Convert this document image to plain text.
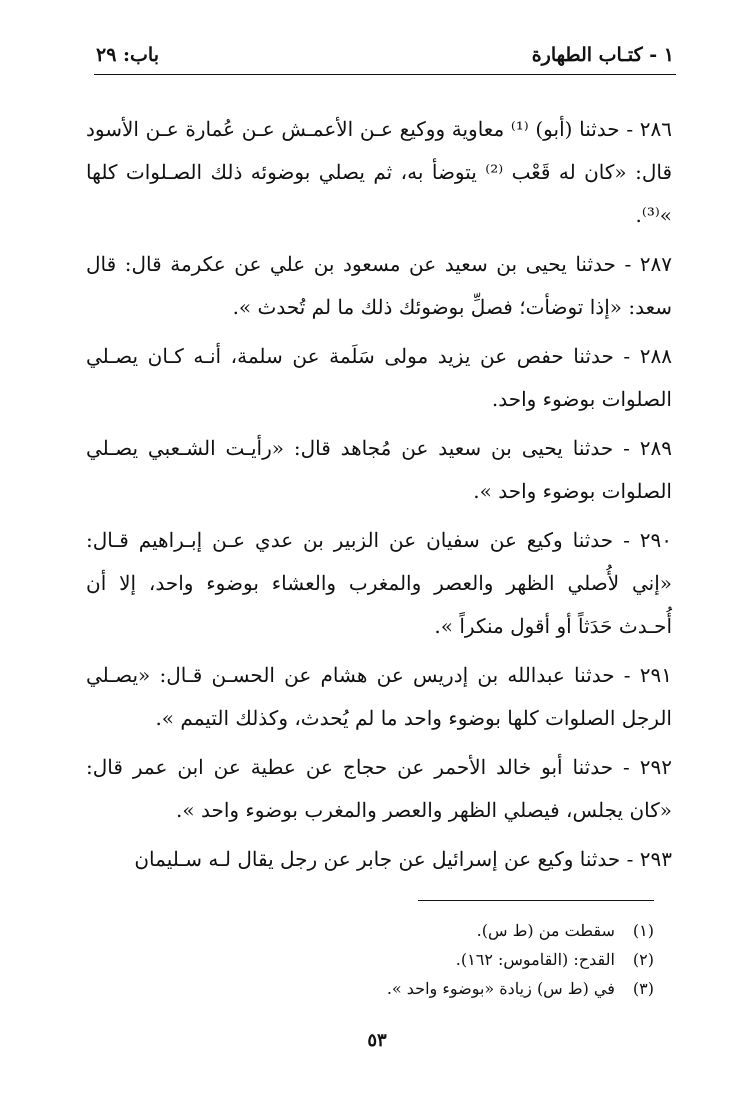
١ - كتـاب الطهارة
باب: ٢٩

٢٨٦ - حدثنا (أبو) ⁽¹⁾ معاوية ووكيع عـن الأعمـش عـن عُمارة عـن الأسود قال: «كان له قَعْب ⁽²⁾ يتوضأ به، ثم يصلي بوضوئه ذلك الصـلوات كلها »⁽³⁾.

٢٨٧ - حدثنا يحيى بن سعيد عن مسعود بن علي عن عكرمة قال: قال سعد: «إذا توضأت؛ فصلِّ بوضوئك ذلك ما لم تُحدث ».

٢٨٨ - حدثنا حفص عن يزيد مولى سَلَمة عن سلمة، أنـه كـان يصـلي الصلوات بوضوء واحد.

٢٨٩ - حدثنا يحيى بن سعيد عن مُجاهد قال: «رأيـت الشـعبي يصـلي الصلوات بوضوء واحد ».

٢٩٠ - حدثنا وكيع عن سفيان عن الزبير بن عدي عـن إبـراهيم قـال: «إني لأُصلي الظهر والعصر والمغرب والعشاء بوضوء واحد، إلا أن أُحـدث حَدَثاً أو أقول منكراً ».

٢٩١ - حدثنا عبدالله بن إدريس عن هشام عن الحسـن قـال: «يصـلي الرجل الصلوات كلها بوضوء واحد ما لم يُحدث، وكذلك التيمم ».

٢٩٢ - حدثنا أبو خالد الأحمر عن حجاج عن عطية عن ابن عمر قال: «كان يجلس، فيصلي الظهر والعصر والمغرب بوضوء واحد ».

٢٩٣ - حدثنا وكيع عن إسرائيل عن جابر عن رجل يقال لـه سـليمان

(١) سقطت من (ط س).
(٢) القدح: (القاموس: ١٦٢).
(٣) في (ط س) زيادة «بوضوء واحد ».
٥٣
